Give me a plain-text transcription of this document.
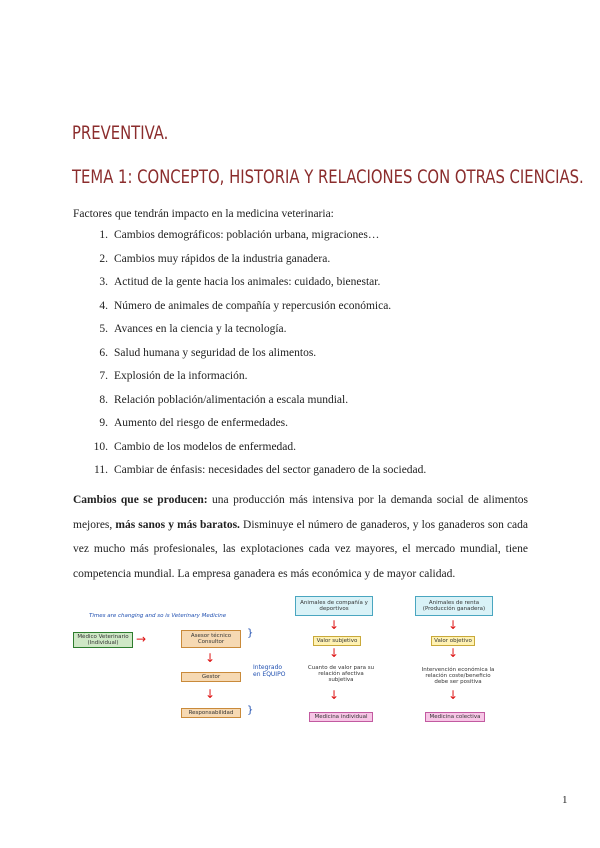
PREVENTIVA.
TEMA 1: CONCEPTO, HISTORIA Y RELACIONES CON OTRAS CIENCIAS.
Factores que tendrán impacto en la medicina veterinaria:
1. Cambios demográficos: población urbana, migraciones…
2. Cambios muy rápidos de la industria ganadera.
3. Actitud de la gente hacia los animales: cuidado, bienestar.
4. Número de animales de compañía y repercusión económica.
5. Avances en la ciencia y la tecnología.
6. Salud humana y seguridad de los alimentos.
7. Explosión de la información.
8. Relación población/alimentación a escala mundial.
9. Aumento del riesgo de enfermedades.
10. Cambio de los modelos de enfermedad.
11. Cambiar de énfasis: necesidades del sector ganadero de la sociedad.

Cambios que se producen: una producción más intensiva por la demanda social de alimentos mejores, más sanos y más baratos. Disminuye el número de ganaderos, y los ganaderos son cada vez mucho más profesionales, las explotaciones cada vez mayores, el mercado mundial, tiene competencia mundial. La empresa ganadera es más económica y de mayor calidad.

Times are changing and so is Veterinary Medicine
Médico Veterinario (Individual)	→	Asesor técnico Consultor
}
↓
Gestor
Integrado en EQUIPO
↓
Responsabilidad	}
Animales de compañía y deportivos
↓
Valor subjetivo
↓
Cuanto de valor para su relación afectiva subjetiva
↓
Medicina individual
Animales de renta (Producción ganadera)
↓
Valor objetivo
↓
Intervención económica la relación coste/beneficio debe ser positiva
↓
Medicina colectiva
1
